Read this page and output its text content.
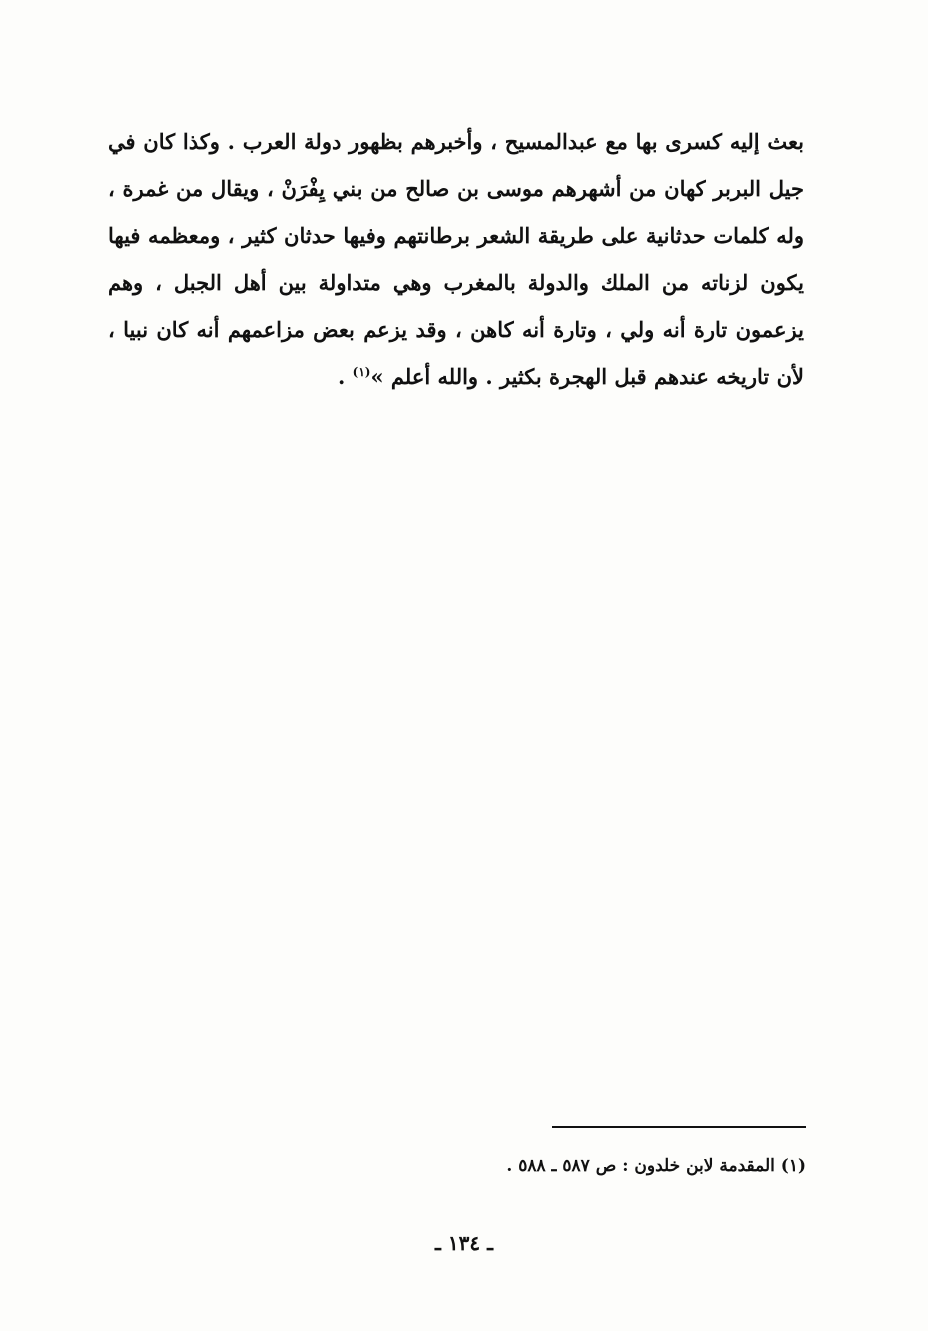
بعث إليه كسرى بها مع عبدالمسيح ، وأخبرهم بظهور دولة العرب . وكذا كان في
جيل البربر كهان من أشهرهم موسى بن صالح من بني يِفْرَنْ ، ويقال من غمرة ،
وله كلمات حدثانية على طريقة الشعر برطانتهم وفيها حدثان كثير ، ومعظمه فيها
يكون لزناته من الملك والدولة بالمغرب وهي متداولة بين أهل الجبل ، وهم
يزعمون تارة أنه ولي ، وتارة أنه كاهن ، وقد يزعم بعض مزاعمهم أنه كان نبيا ،
لأن تاريخه عندهم قبل الهجرة بكثير . والله أعلم »$^{(١)}$ .
(١) المقدمة لابن خلدون : ص ٥٨٧ ـ ٥٨٨ .
ـ ١٣٤ ـ
